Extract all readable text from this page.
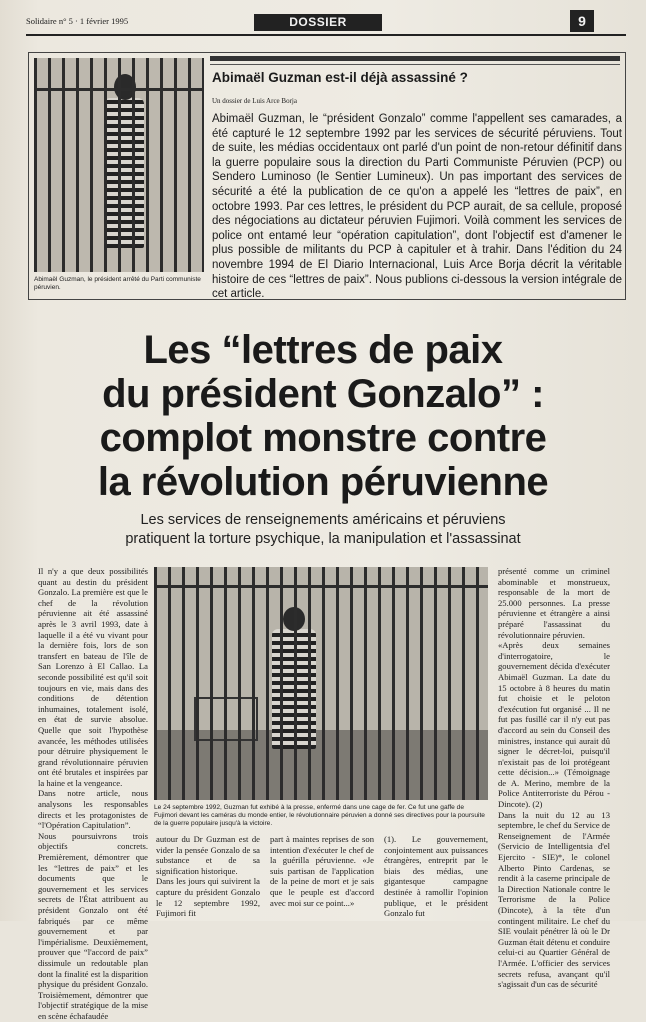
Solidaire n° 5 · 1 février 1995	DOSSIER	9
Abimaël Guzman, le président arrêté du Parti communiste péruvien.
Abimaël Guzman est-il déjà assassiné ?
Un dossier de Luis Arce Borja
Abimaël Guzman, le “président Gonzalo” comme l'appellent ses camarades, a été capturé le 12 septembre 1992 par les services de sécurité péruviens. Tout de suite, les médias occidentaux ont parlé d'un point de non-retour définitif dans la guerre populaire sous la direction du Parti Communiste Péruvien (PCP) ou Sendero Luminoso (le Sentier Lumineux). Un pas important des services de sécurité a été la publication de ce qu'on a appelé les “lettres de paix”, en octobre 1993. Par ces lettres, le président du PCP aurait, de sa cellule, proposé des négociations au dictateur péruvien Fujimori. Voilà comment les services de police ont entamé leur “opération capitulation”, dont l'objectif est d'amener le plus possible de militants du PCP à capituler et à trahir. Dans l'édition du 24 novembre 1994 de El Diario Internacional, Luis Arce Borja décrit la véritable histoire de ces “lettres de paix”. Nous publions ci-dessous la version intégrale de cet article.
Les “lettres de paix
du président Gonzalo” :
complot monstre contre
la révolution péruvienne
Les services de renseignements américains et péruviens
pratiquent la torture psychique, la manipulation et l'assassinat

Il n'y a que deux possibilités quant au destin du président Gonzalo. La première est que le chef de la révolution péruvienne ait été assassiné après le 3 avril 1993, date à laquelle il a été vu vivant pour la dernière fois, lors de son transfert en bateau de l'île de San Lorenzo à El Callao. La seconde possibilité est qu'il soit toujours en vie, mais dans des conditions de détention inhumaines, totalement isolé, en état de survie absolue. Quelle que soit l'hypothèse avancée, les méthodes utilisées pour détruire physiquement le grand révolutionnaire péruvien ont été brutales et inspirées par la haine et la vengeance.

Dans notre article, nous analysons les responsables directs et les protagonistes de “l'Opération Capitulation”.

Nous poursuivrons trois objectifs concrets. Premièrement, démontrer que les “lettres de paix” et les documents que le gouvernement et les services secrets de l'État attribuent au président Gonzalo ont été fabriqués par ce même gouvernement et par l'impérialisme. Deuxièmement, prouver que “l'accord de paix” dissimule un redoutable plan dont la finalité est la disparition physique du président Gonzalo. Troisièmement, démontrer que l'objectif stratégique de la mise en scène échafaudée

Le 24 septembre 1992, Guzman fut exhibé à la presse, enfermé dans une cage de fer. Ce fut une gaffe de Fujimori devant les caméras du monde entier, le révolutionnaire péruvien a donné ses directives pour la poursuite de la guerre populaire jusqu'à la victoire.

autour du Dr Guzman est de vider la pensée Gonzalo de sa substance et de sa signification historique.

Dans les jours qui suivirent la capture du président Gonzalo le 12 septembre 1992, Fujimori fit

part à maintes reprises de son intention d'exécuter le chef de la guérilla péruvienne. «Je suis partisan de l'application de la peine de mort et je sais que le peuple est d'accord avec moi sur ce point...»

(1). Le gouvernement, conjointement aux puissances étrangères, entreprit par le biais des médias, une gigantesque campagne destinée à ramollir l'opinion publique, et le président Gonzalo fut

présenté comme un criminel abominable et monstrueux, responsable de la mort de 25.000 personnes. La presse péruvienne et étrangère a ainsi préparé l'assassinat du révolutionnaire péruvien.

«Après deux semaines d'interrogatoire, le gouvernement décida d'exécuter Abimaël Guzman. La date du 15 octobre à 8 heures du matin fut choisie et le peloton d'exécution fut organisé ... Il ne fut pas fusillé car il n'y eut pas d'accord au sein du Conseil des ministres, instance qui aurait dû signer le décret-loi, puisqu'il n'existait pas de loi protégeant cette décision...» (Témoignage de A. Merino, membre de la Police Antiterroriste du Pérou - Dincote). (2)

Dans la nuit du 12 au 13 septembre, le chef du Service de Renseignement de l'Armée (Servicio de Intelligentsia d'el Ejercito - SIE)*, le colonel Alberto Pinto Cardenas, se rendit à la caserne principale de la Direction Nationale contre le Terrorisme de la Police (Dincote), à la tête d'un contingent militaire. Le chef du SIE voulait pénétrer là où le Dr Guzman était détenu et conduire celui-ci au Quartier Général de l'Armée. L'officier des services secrets refusa, avançant qu'il s'agissait d'un cas de sécurité
